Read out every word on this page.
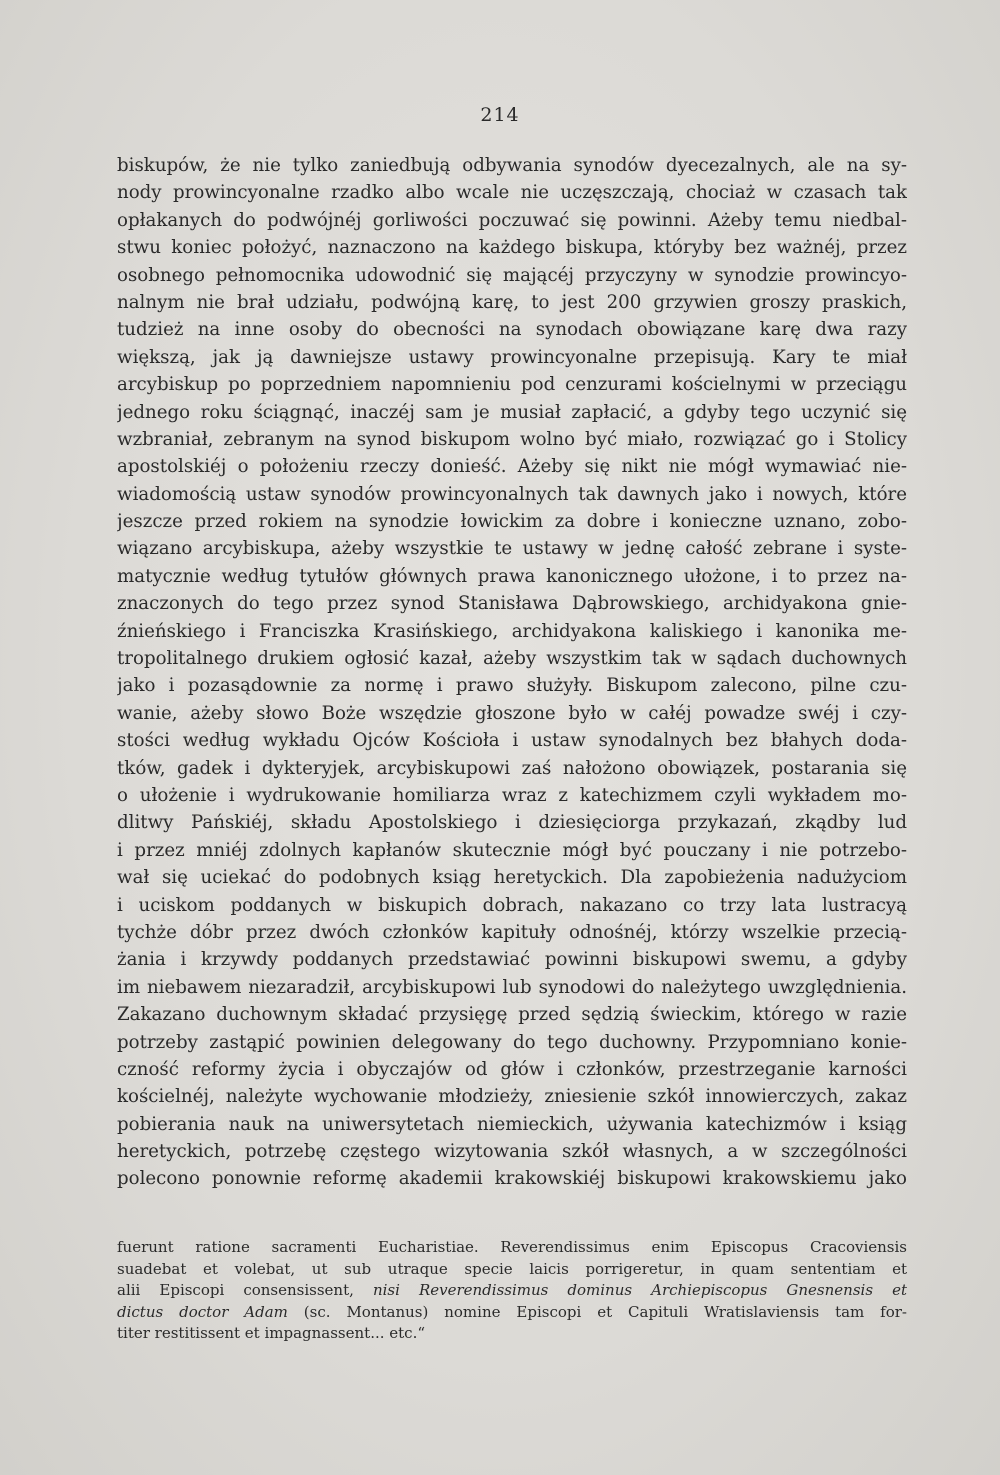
214
biskupów, że nie tylko zaniedbują odbywania synodów dyecezalnych, ale na sy-
nody prowincyonalne rzadko albo wcale nie uczęszczają, chociaż w czasach tak
opłakanych do podwójnéj gorliwości poczuwać się powinni. Ażeby temu niedbal-
stwu koniec położyć, naznaczono na każdego biskupa, któryby bez ważnéj, przez
osobnego pełnomocnika udowodnić się mającéj przyczyny w synodzie prowincyo-
nalnym nie brał udziału, podwójną karę, to jest 200 grzywien groszy praskich,
tudzież na inne osoby do obecności na synodach obowiązane karę dwa razy
większą, jak ją dawniejsze ustawy prowincyonalne przepisują. Kary te miał
arcybiskup po poprzedniem napomnieniu pod cenzurami kościelnymi w przeciągu
jednego roku ściągnąć, inaczéj sam je musiał zapłacić, a gdyby tego uczynić się
wzbraniał, zebranym na synod biskupom wolno być miało, rozwiązać go i Stolicy
apostolskiéj o położeniu rzeczy donieść. Ażeby się nikt nie mógł wymawiać nie-
wiadomością ustaw synodów prowincyonalnych tak dawnych jako i nowych, które
jeszcze przed rokiem na synodzie łowickim za dobre i konieczne uznano, zobo-
wiązano arcybiskupa, ażeby wszystkie te ustawy w jednę całość zebrane i syste-
matycznie według tytułów głównych prawa kanonicznego ułożone, i to przez na-
znaczonych do tego przez synod Stanisława Dąbrowskiego, archidyakona gnie-
źnieńskiego i Franciszka Krasińskiego, archidyakona kaliskiego i kanonika me-
tropolitalnego drukiem ogłosić kazał, ażeby wszystkim tak w sądach duchownych
jako i pozasądownie za normę i prawo służyły. Biskupom zalecono, pilne czu-
wanie, ażeby słowo Boże wszędzie głoszone było w całéj powadze swéj i czy-
stości według wykładu Ojców Kościoła i ustaw synodalnych bez błahych doda-
tków, gadek i dykteryjek, arcybiskupowi zaś nałożono obowiązek, postarania się
o ułożenie i wydrukowanie homiliarza wraz z katechizmem czyli wykładem mo-
dlitwy Pańskiéj, składu Apostolskiego i dziesięciorga przykazań, zkądby lud
i przez mniéj zdolnych kapłanów skutecznie mógł być pouczany i nie potrzebo-
wał się uciekać do podobnych ksiąg heretyckich. Dla zapobieżenia nadużyciom
i uciskom poddanych w biskupich dobrach, nakazano co trzy lata lustracyą
tychże dóbr przez dwóch członków kapituły odnośnéj, którzy wszelkie przecią-
żania i krzywdy poddanych przedstawiać powinni biskupowi swemu, a gdyby
im niebawem niezaradził, arcybiskupowi lub synodowi do należytego uwzględnienia.
Zakazano duchownym składać przysięgę przed sędzią świeckim, którego w razie
potrzeby zastąpić powinien delegowany do tego duchowny. Przypomniano konie-
czność reformy życia i obyczajów od głów i członków, przestrzeganie karności
kościelnéj, należyte wychowanie młodzieży, zniesienie szkół innowierczych, zakaz
pobierania nauk na uniwersytetach niemieckich, używania katechizmów i ksiąg
heretyckich, potrzebę częstego wizytowania szkół własnych, a w szczególności
polecono ponownie reformę akademii krakowskiéj biskupowi krakowskiemu jako
fuerunt ratione sacramenti Eucharistiae. Reverendissimus enim Episcopus Cracoviensis
suadebat et volebat, ut sub utraque specie laicis porrigeretur, in quam sententiam et
alii Episcopi consensissent, nisi Reverendissimus dominus Archiepiscopus Gnesnensis et
dictus doctor Adam (sc. Montanus) nomine Episcopi et Capituli Wratislaviensis tam for-
titer restitissent et impagnassent... etc.“
